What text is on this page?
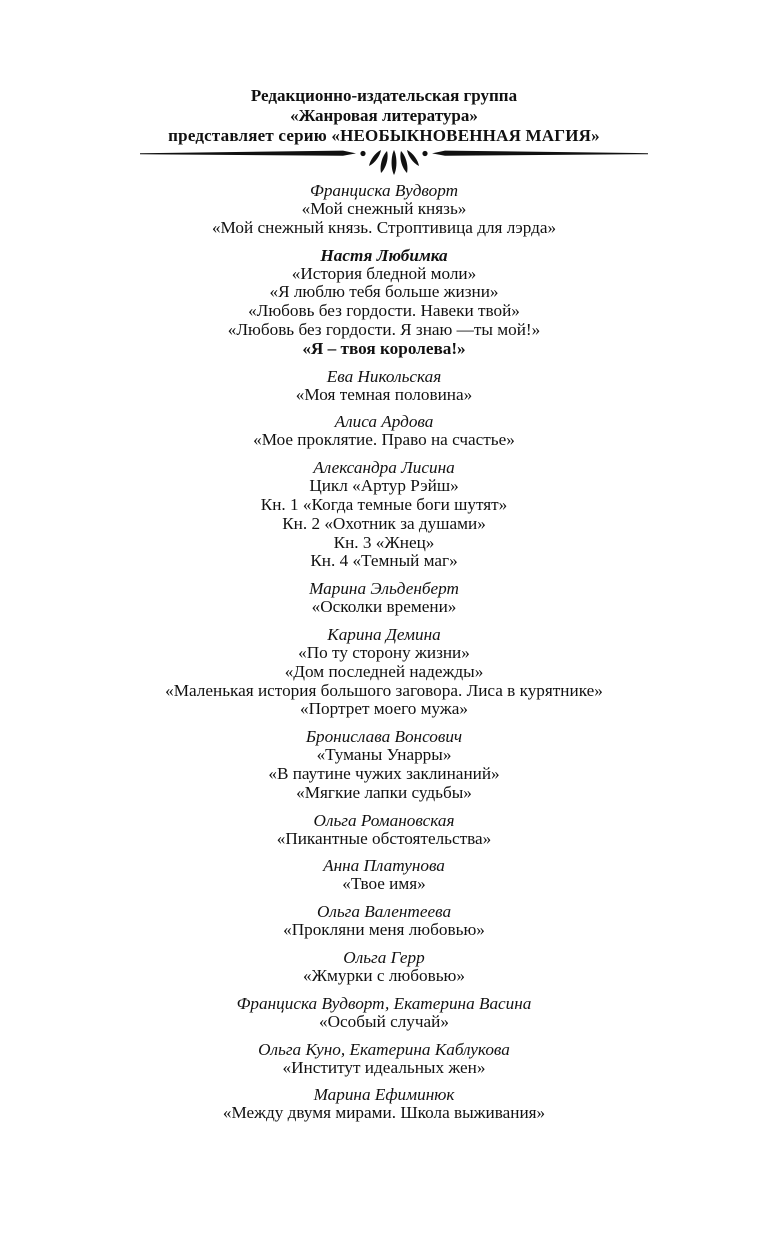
Редакционно-издательская группа
«Жанровая литература»
представляет серию «НЕОБЫКНОВЕННАЯ МАГИЯ»
Франциска Вудворт
«Мой снежный князь»
«Мой снежный князь. Строптивица для лэрда»
Настя Любимка
«История бледной моли»
«Я люблю тебя больше жизни»
«Любовь без гордости. Навеки твой»
«Любовь без гордости. Я знаю —ты мой!»
«Я – твоя королева!»
Ева Никольская
«Моя темная половина»
Алиса Ардова
«Мое проклятие. Право на счастье»
Александра Лисина
Цикл «Артур Рэйш»
Кн. 1 «Когда темные боги шутят»
Кн. 2 «Охотник за душами»
Кн. 3 «Жнец»
Кн. 4 «Темный маг»
Марина Эльденберт
«Осколки времени»
Карина Демина
«По ту сторону жизни»
«Дом последней надежды»
«Маленькая история большого заговора. Лиса в курятнике»
«Портрет моего мужа»
Бронислава Вонсович
«Туманы Унарры»
«В паутине чужих заклинаний»
«Мягкие лапки судьбы»
Ольга Романовская
«Пикантные обстоятельства»
Анна Платунова
«Твое имя»
Ольга Валентеева
«Прокляни меня любовью»
Ольга Герр
«Жмурки с любовью»
Франциска Вудворт, Екатерина Васина
«Особый случай»
Ольга Куно, Екатерина Каблукова
«Институт идеальных жен»
Марина Ефиминюк
«Между двумя мирами. Школа выживания»
